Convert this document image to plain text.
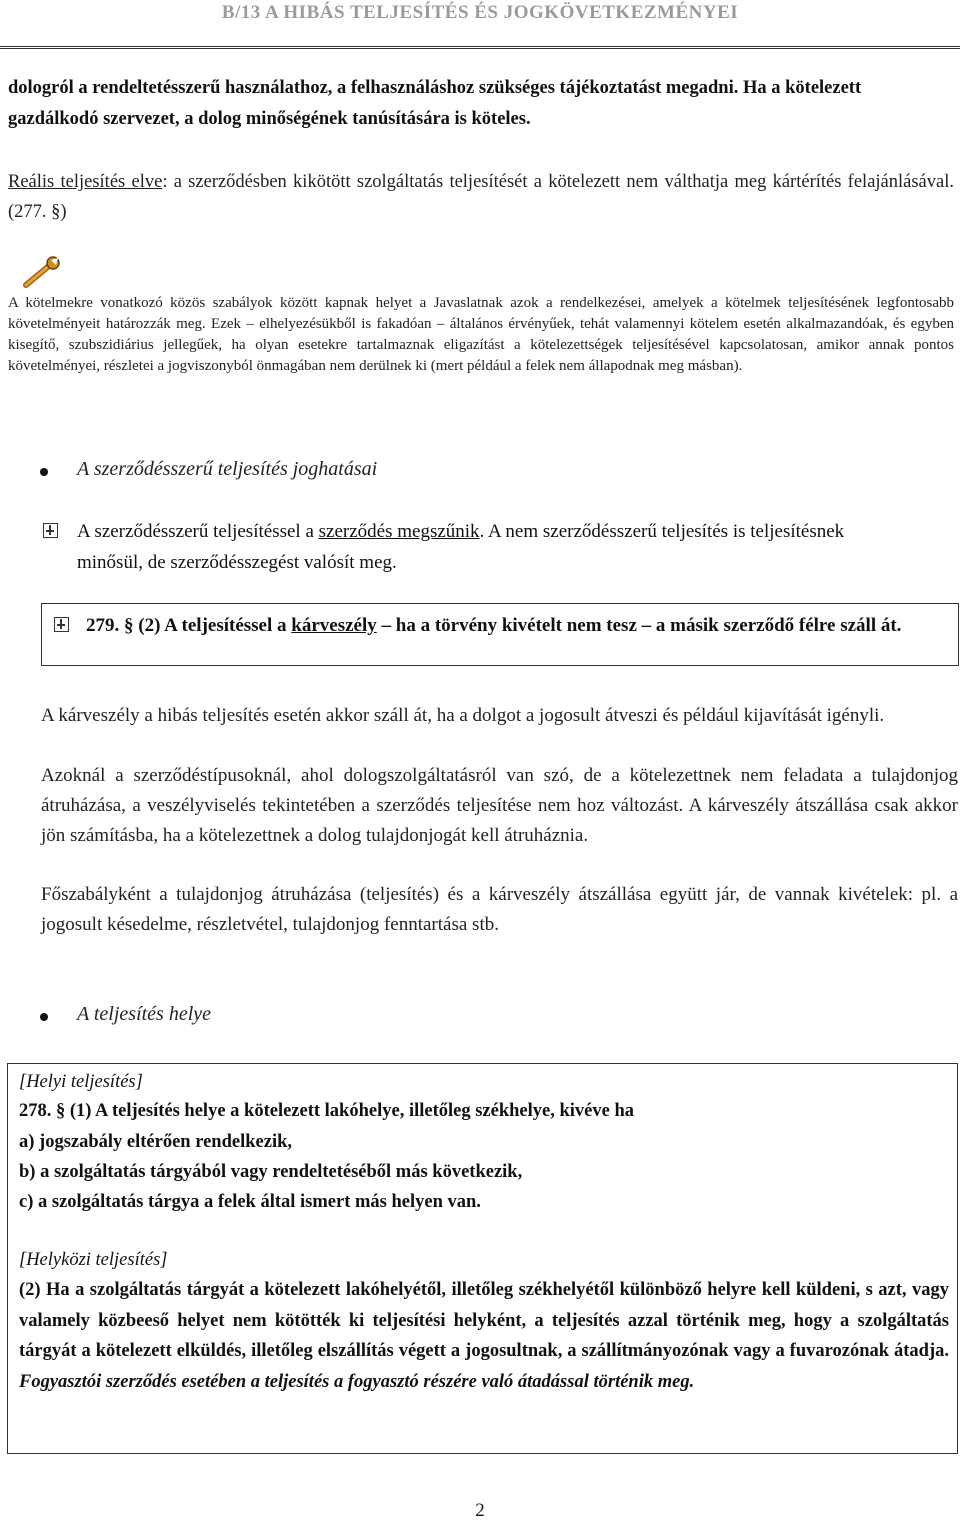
B/13 A HIBÁS TELJESÍTÉS ÉS JOGKÖVETKEZMÉNYEI
dologról a rendeltetésszerű használathoz, a felhasználáshoz szükséges tájékoztatást megadni. Ha a kötelezett gazdálkodó szervezet, a dolog minőségének tanúsítására is köteles.
Reális teljesítés elve: a szerződésben kikötött szolgáltatás teljesítését a kötelezett nem válthatja meg kártérítés felajánlásával. (277. §)
A kötelmekre vonatkozó közös szabályok között kapnak helyet a Javaslatnak azok a rendelkezései, amelyek a kötelmek teljesítésének legfontosabb követelményeit határozzák meg. Ezek – elhelyezésükből is fakadóan – általános érvényűek, tehát valamennyi kötelem esetén alkalmazandóak, és egyben kisegítő, szubszidiárius jellegűek, ha olyan esetekre tartalmaznak eligazítást a kötelezettségek teljesítésével kapcsolatosan, amikor annak pontos követelményei, részletei a jogviszonyból önmagában nem derülnek ki (mert például a felek nem állapodnak meg másban).
A szerződésszerű teljesítés joghatásai
A szerződésszerű teljesítéssel a szerződés megszűnik. A nem szerződésszerű teljesítés is teljesítésnek minősül, de szerződésszegést valósít meg.
279. § (2) A teljesítéssel a kárveszély – ha a törvény kivételt nem tesz – a másik szerződő félre száll át.
A kárveszély a hibás teljesítés esetén akkor száll át, ha a dolgot a jogosult átveszi és például kijavítását igényli.
Azoknál a szerződéstípusoknál, ahol dologszolgáltatásról van szó, de a kötelezettnek nem feladata a tulajdonjog átruházása, a veszélyviselés tekintetében a szerződés teljesítése nem hoz változást. A kárveszély átszállása csak akkor jön számításba, ha a kötelezettnek a dolog tulajdonjogát kell átruháznia.
Főszabályként a tulajdonjog átruházása (teljesítés) és a kárveszély átszállása együtt jár, de vannak kivételek: pl. a jogosult késedelme, részletvétel, tulajdonjog fenntartása stb.
A teljesítés helye
[Helyi teljesítés]
278. § (1) A teljesítés helye a kötelezett lakóhelye, illetőleg székhelye, kivéve ha
a) jogszabály eltérően rendelkezik,
b) a szolgáltatás tárgyából vagy rendeltetéséből más következik,
c) a szolgáltatás tárgya a felek által ismert más helyen van.
[Helyközi teljesítés]
(2) Ha a szolgáltatás tárgyát a kötelezett lakóhelyétől, illetőleg székhelyétől különböző helyre kell küldeni, s azt, vagy valamely közbeeső helyet nem kötötték ki teljesítési helyként, a teljesítés azzal történik meg, hogy a szolgáltatás tárgyát a kötelezett elküldés, illetőleg elszállítás végett a jogosultnak, a szállítmányozónak vagy a fuvarozónak átadja. Fogyasztói szerződés esetében a teljesítés a fogyasztó részére való átadással történik meg.
2
